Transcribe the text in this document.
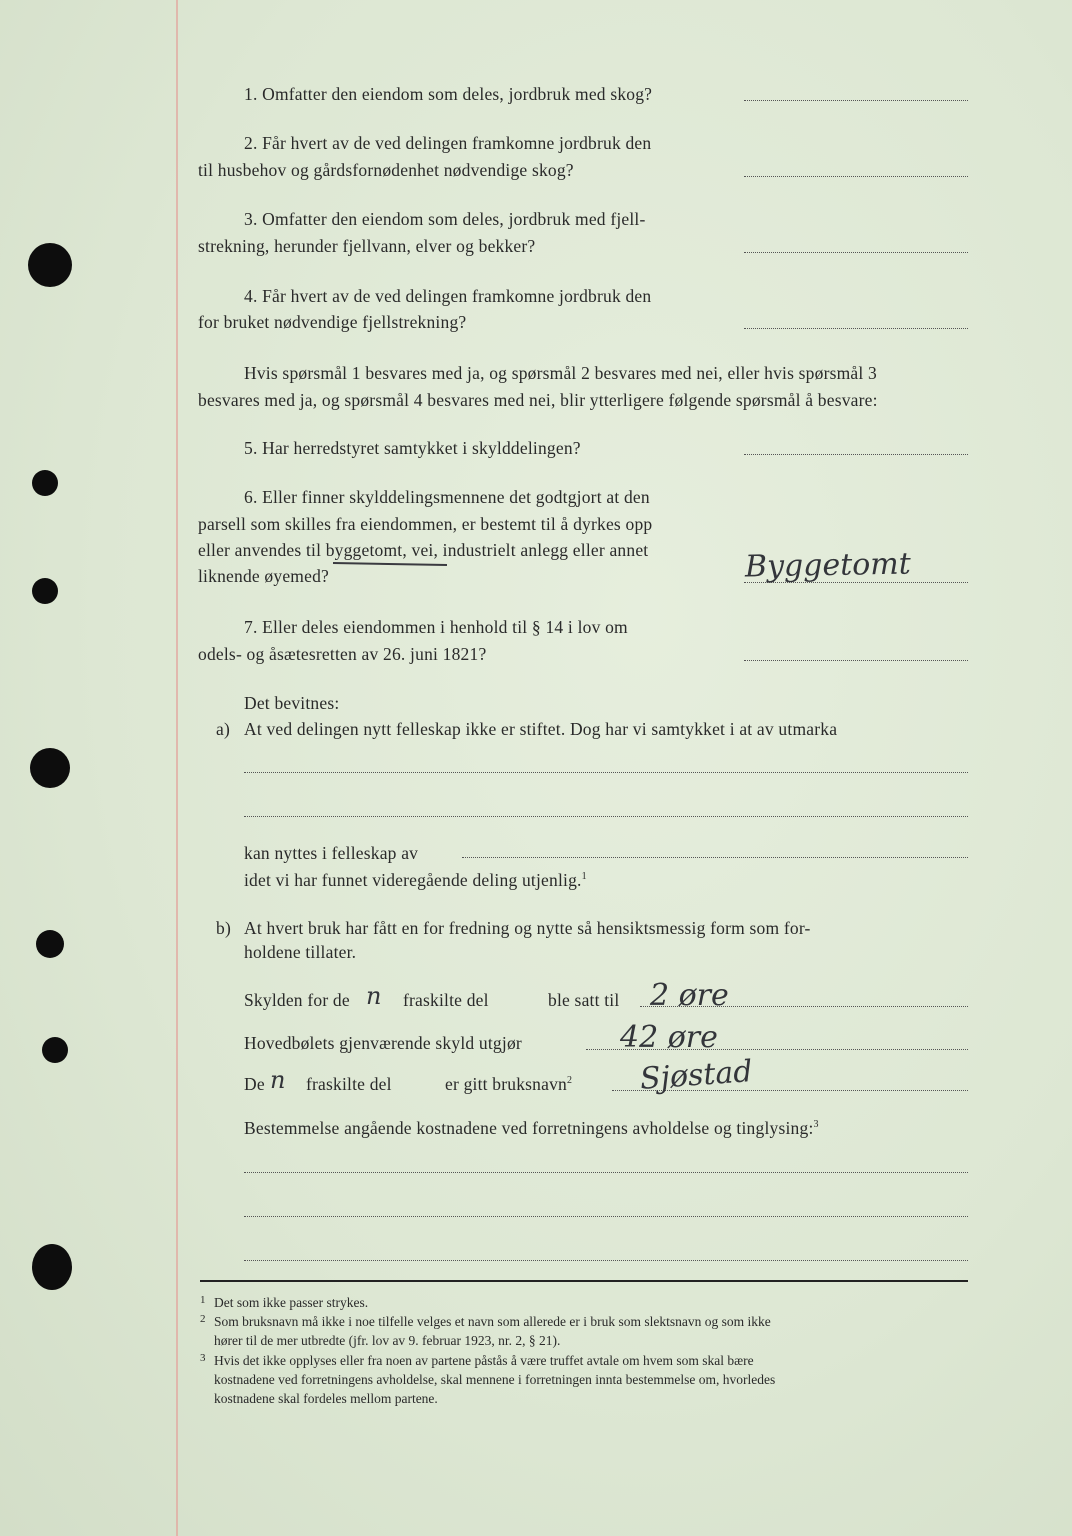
1. Omfatter den eiendom som deles, jordbruk med skog?
2. Får hvert av de ved delingen framkomne jordbruk den
til husbehov og gårdsfornødenhet nødvendige skog?
3. Omfatter den eiendom som deles, jordbruk med fjell-
strekning, herunder fjellvann, elver og bekker?
4. Får hvert av de ved delingen framkomne jordbruk den
for bruket nødvendige fjellstrekning?
Hvis spørsmål 1 besvares med ja, og spørsmål 2 besvares med nei, eller hvis spørsmål 3
besvares med ja, og spørsmål 4 besvares med nei, blir ytterligere følgende spørsmål å besvare:
5. Har herredstyret samtykket i skylddelingen?
6. Eller finner skylddelingsmennene det godtgjort at den
parsell som skilles fra eiendommen, er bestemt til å dyrkes opp
eller anvendes til byggetomt, vei, industrielt anlegg eller annet
liknende øyemed?	Byggetomt
7. Eller deles eiendommen i henhold til § 14 i lov om
odels- og åsætesretten av 26. juni 1821?
Det bevitnes:
a) At ved delingen nytt felleskap ikke er stiftet. Dog har vi samtykket i at av utmarka
kan nyttes i felleskap av
idet vi har funnet videregående deling utjenlig.$^1$
b) At hvert bruk har fått en for fredning og nytte så hensiktsmessig form som for-
holdene tillater.
Skylden for de n fraskilte del	ble satt til 2 øre
Hovedbølets gjenværende skyld utgjør	42 øre
De n fraskilte del	er gitt bruksnavn$^2$ Sjøstad
Bestemmelse angående kostnadene ved forretningens avholdelse og tinglysing:$^3$
1 Det som ikke passer strykes.
2 Som bruksnavn må ikke i noe tilfelle velges et navn som allerede er i bruk som slektsnavn og som ikke
hører til de mer utbredte (jfr. lov av 9. februar 1923, nr. 2, § 21).
3 Hvis det ikke opplyses eller fra noen av partene påstås å være truffet avtale om hvem som skal bære
kostnadene ved forretningens avholdelse, skal mennene i forretningen innta bestemmelse om, hvorledes
kostnadene skal fordeles mellom partene.
